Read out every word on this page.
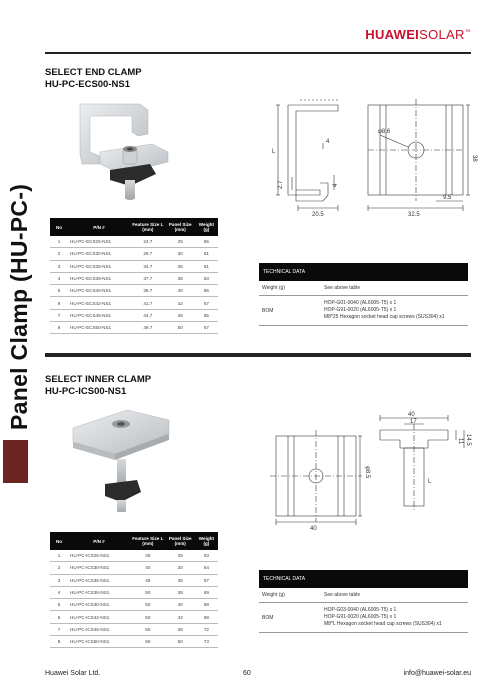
HUAWEISOLAR™
Panel Clamp (HU-PC-)
SELECT END CLAMP
HU-PC-ECS00-NS1
4
2.7	4
20.5	32.5
9.5
φ8.6
38
L
No	P/N #	Feature Size L (mm)	Panel Size (mm)	Weight (g)
1	HU-PC-ECS25-NS1	24.7	25	55
2	HU-PC-ECS30-NS1	29.7	30	61
3	HU-PC-ECS35-NS1	34.7	35	61
4	HU-PC-ECS38-NS1	37.7	38	63
5	HU-PC-ECS40-NS1	39.7	40	65
6	HU-PC-ECS42-NS1	41.7	42	67
7	HU-PC-ECS45-NS1	44.7	45	65
8	HU-PC-ECS50-NS1	49.7	50	67
TECHNICAL DATA
Weight (g)	See above table
BOM	HOP-G01-0040 (AL6005-T5) x 1
HOP-G91-0020 (AL6005-T5) x 1
M8*25 Hexagon socket head cap screws (SUS304) x1
SELECT INNER CLAMP
HU-PC-ICS00-NS1
40
17
11 14.5
φ8.5
40
L
No	P/N #	Feature Size L (mm)	Panel Size (mm)	Weight (g)
1	HU-PC-ICS25-NS1	35	25	63
2	HU-PC-ICS30-NS1	40	30	64
3	HU-PC-ICS35-NS1	45	35	67
4	HU-PC-ICS38-NS1	50	38	69
5	HU-PC-ICS40-NS1	50	40	69
6	HU-PC-ICS42-NS1	50	42	69
7	HU-PC-ICS45-NS1	55	45	72
8	HU-PC-ICS50-NS1	60	50	73
TECHNICAL DATA
Weight (g)	See above table
BOM	HOP-G03-0040 (AL6005-T5) x 1
HOP-G91-0020 (AL6005-T5) x 1
M8*L Hexagon socket head cap screws (SUS304) x1
Huawei Solar Ltd.	60	info@huawei-solar.eu
